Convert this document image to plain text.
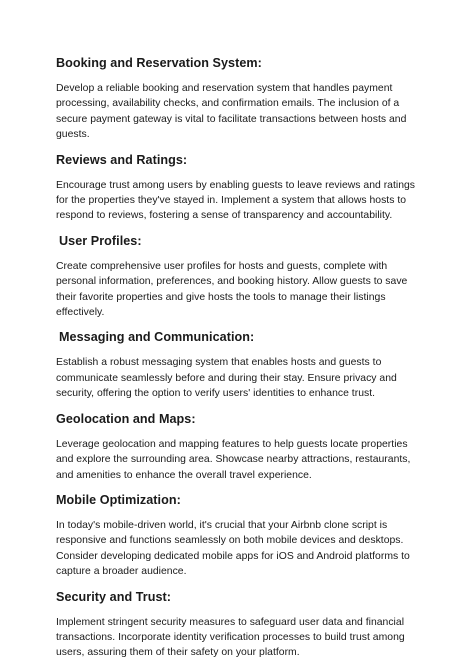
Booking and Reservation System:

Develop a reliable booking and reservation system that handles payment processing, availability checks, and confirmation emails. The inclusion of a secure payment gateway is vital to facilitate transactions between hosts and guests.

Reviews and Ratings:

Encourage trust among users by enabling guests to leave reviews and ratings for the properties they've stayed in. Implement a system that allows hosts to respond to reviews, fostering a sense of transparency and accountability.

User Profiles:

Create comprehensive user profiles for hosts and guests, complete with personal information, preferences, and booking history. Allow guests to save their favorite properties and give hosts the tools to manage their listings effectively.

Messaging and Communication:

Establish a robust messaging system that enables hosts and guests to communicate seamlessly before and during their stay. Ensure privacy and security, offering the option to verify users' identities to enhance trust.

Geolocation and Maps:

Leverage geolocation and mapping features to help guests locate properties and explore the surrounding area. Showcase nearby attractions, restaurants, and amenities to enhance the overall travel experience.

Mobile Optimization:

In today's mobile-driven world, it's crucial that your Airbnb clone script is responsive and functions seamlessly on both mobile devices and desktops. Consider developing dedicated mobile apps for iOS and Android platforms to capture a broader audience.

Security and Trust:

Implement stringent security measures to safeguard user data and financial transactions. Incorporate identity verification processes to build trust among users, assuring them of their safety on your platform.
